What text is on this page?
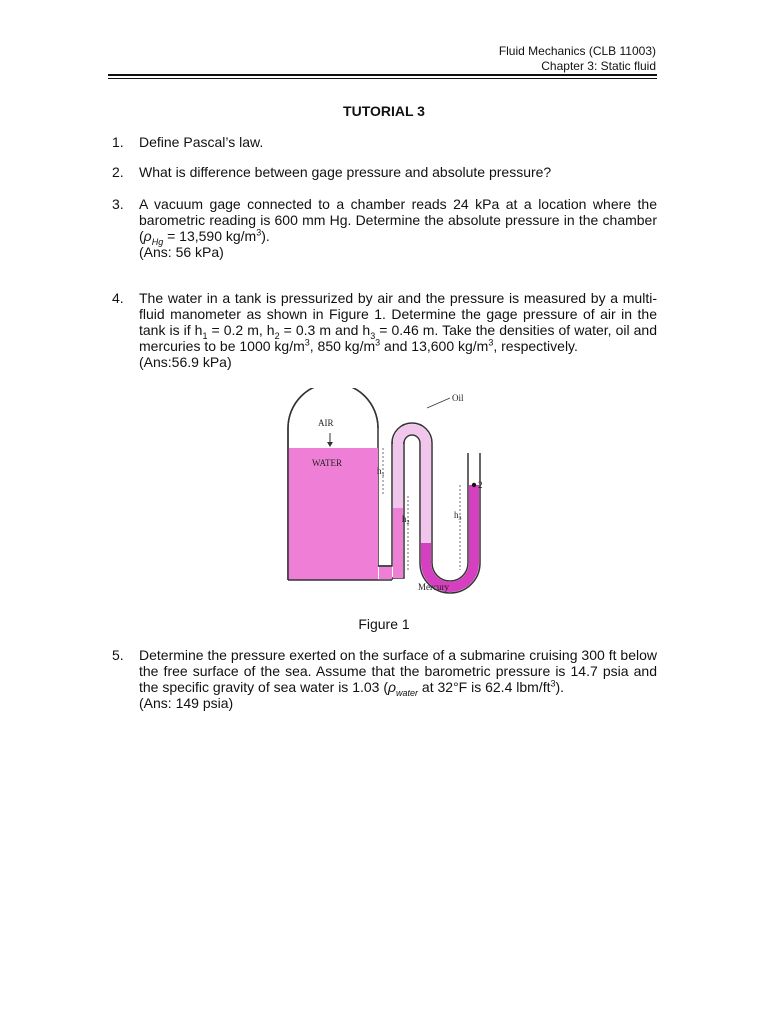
Fluid Mechanics (CLB 11003)
Chapter 3: Static fluid
TUTORIAL 3
1. Define Pascal’s law.
2. What is difference between gage pressure and absolute pressure?
3. A vacuum gage connected to a chamber reads 24 kPa at a location where the barometric reading is 600 mm Hg. Determine the absolute pressure in the chamber ($\rho_{Hg} = 13,590$ $kg/m^3$).
(Ans: 56 kPa)
4. The water in a tank is pressurized by air and the pressure is measured by a multi-fluid manometer as shown in Figure 1. Determine the gage pressure of air in the tank is if $h_1 = 0.2$ m, $h_2 = 0.3$ m and $h_3 = 0.46$ m. Take the densities of water, oil and mercuries to be 1000 $kg/m^3$, 850 $kg/m^3$ and 13,600 $kg/m^3$, respectively.
(Ans:56.9 kPa)
AIR
WATER
Oil
Mercury
$h_1$
$h_2$
$h_3$
2
Figure 1
5. Determine the pressure exerted on the surface of a submarine cruising 300 ft below the free surface of the sea. Assume that the barometric pressure is 14.7 psia and the specific gravity of sea water is 1.03 ($\rho_{water}$ at 32°F is 62.4 lbm/$ft^3$).
(Ans: 149 psia)
